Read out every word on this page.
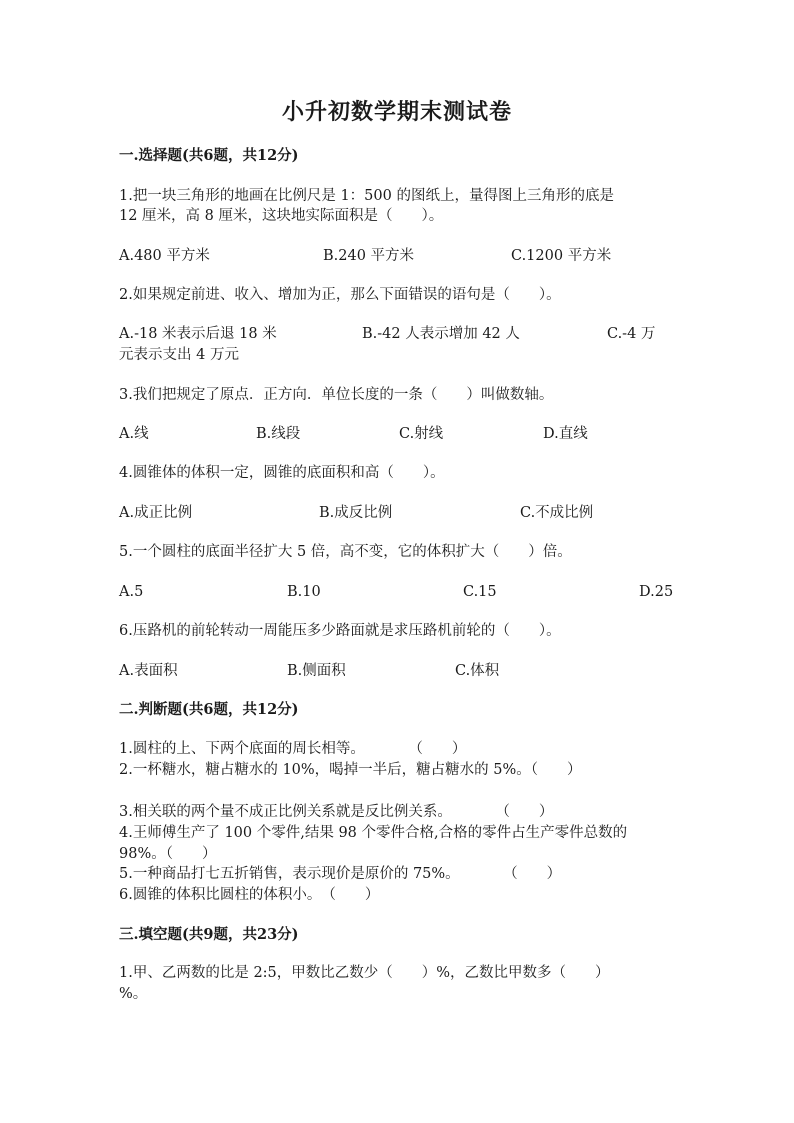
小升初数学期末测试卷
一.选择题(共6题，共12分)
1.把一块三角形的地画在比例尺是 1：500 的图纸上，量得图上三角形的底是
12 厘米，高 8 厘米，这块地实际面积是（　　）。
A.480 平方米	B.240 平方米	C.1200 平方米
2.如果规定前进、收入、增加为正，那么下面错误的语句是（　　）。
A.-18 米表示后退 18 米	B.-42 人表示增加 42 人	C.-4 万
元表示支出 4 万元
3.我们把规定了原点．正方向．单位长度的一条（　　）叫做数轴。
A.线	B.线段	C.射线	D.直线
4.圆锥体的体积一定，圆锥的底面积和高（　　）。
A.成正比例	B.成反比例	C.不成比例
5.一个圆柱的底面半径扩大 5 倍，高不变，它的体积扩大（　　）倍。
A.5	B.10	C.15	D.25
6.压路机的前轮转动一周能压多少路面就是求压路机前轮的（　　）。
A.表面积	B.侧面积	C.体积
二.判断题(共6题，共12分)
1.圆柱的上、下两个底面的周长相等。　　　　（　　）
2.一杯糖水，糖占糖水的 10%，喝掉一半后，糖占糖水的 5%。（　　）
3.相关联的两个量不成正比例关系就是反比例关系。　　　　（　　）
4.王师傅生产了 100 个零件,结果 98 个零件合格,合格的零件占生产零件总数的
98%。（　　）
5.一种商品打七五折销售，表示现价是原价的 75%。　　　　（　　）
6.圆锥的体积比圆柱的体积小。　（　　）
三.填空题(共9题，共23分)
1.甲、乙两数的比是 2:5，甲数比乙数少（　　）%，乙数比甲数多（　　）
%。
